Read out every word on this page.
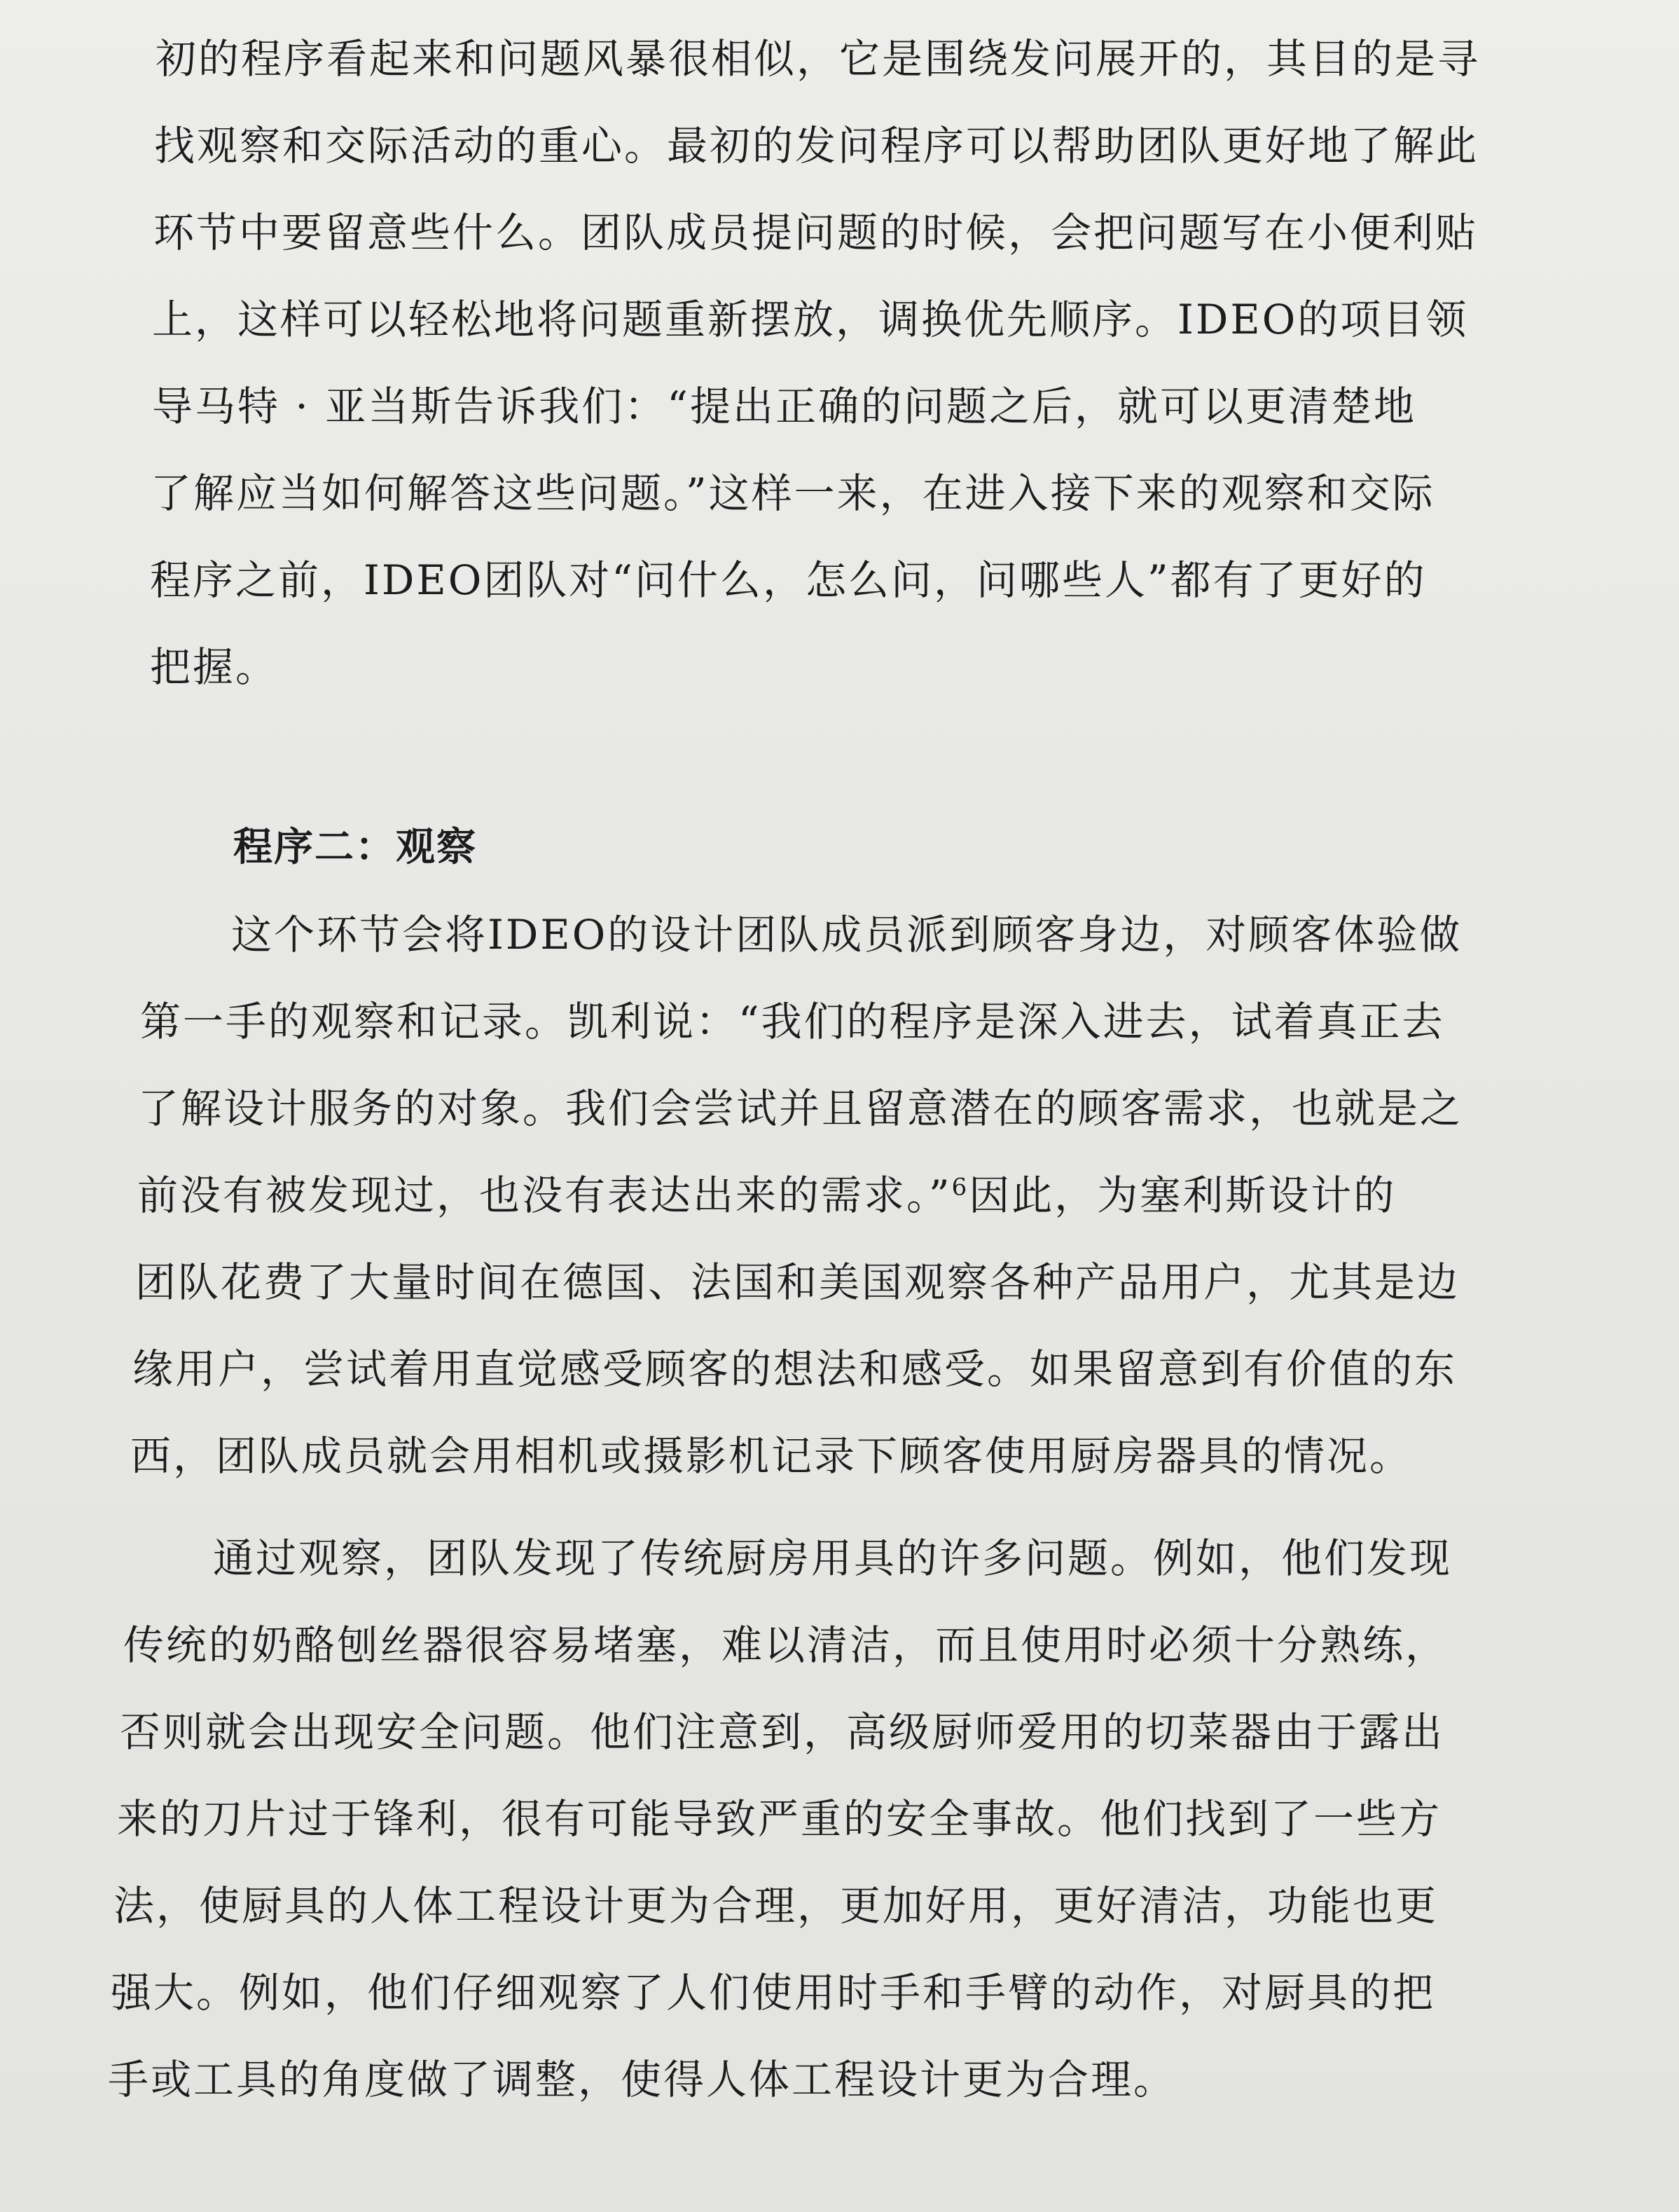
初的程序看起来和问题风暴很相似，它是围绕发问展开的，其目的是寻
找观察和交际活动的重心。最初的发问程序可以帮助团队更好地了解此
环节中要留意些什么。团队成员提问题的时候，会把问题写在小便利贴
上，这样可以轻松地将问题重新摆放，调换优先顺序。IDEO的项目领
导马特 · 亚当斯告诉我们：“提出正确的问题之后，就可以更清楚地
了解应当如何解答这些问题。”这样一来，在进入接下来的观察和交际
程序之前，IDEO团队对“问什么，怎么问，问哪些人”都有了更好的
把握。
程序二：观察
这个环节会将IDEO的设计团队成员派到顾客身边，对顾客体验做
第一手的观察和记录。凯利说：“我们的程序是深入进去，试着真正去
了解设计服务的对象。我们会尝试并且留意潜在的顾客需求，也就是之
前没有被发现过，也没有表达出来的需求。”$^6$因此，为塞利斯设计的
团队花费了大量时间在德国、法国和美国观察各种产品用户，尤其是边
缘用户，尝试着用直觉感受顾客的想法和感受。如果留意到有价值的东
西，团队成员就会用相机或摄影机记录下顾客使用厨房器具的情况。
通过观察，团队发现了传统厨房用具的许多问题。例如，他们发现
传统的奶酪刨丝器很容易堵塞，难以清洁，而且使用时必须十分熟练，
否则就会出现安全问题。他们注意到，高级厨师爱用的切菜器由于露出
来的刀片过于锋利，很有可能导致严重的安全事故。他们找到了一些方
法，使厨具的人体工程设计更为合理，更加好用，更好清洁，功能也更
强大。例如，他们仔细观察了人们使用时手和手臂的动作，对厨具的把
手或工具的角度做了调整，使得人体工程设计更为合理。
